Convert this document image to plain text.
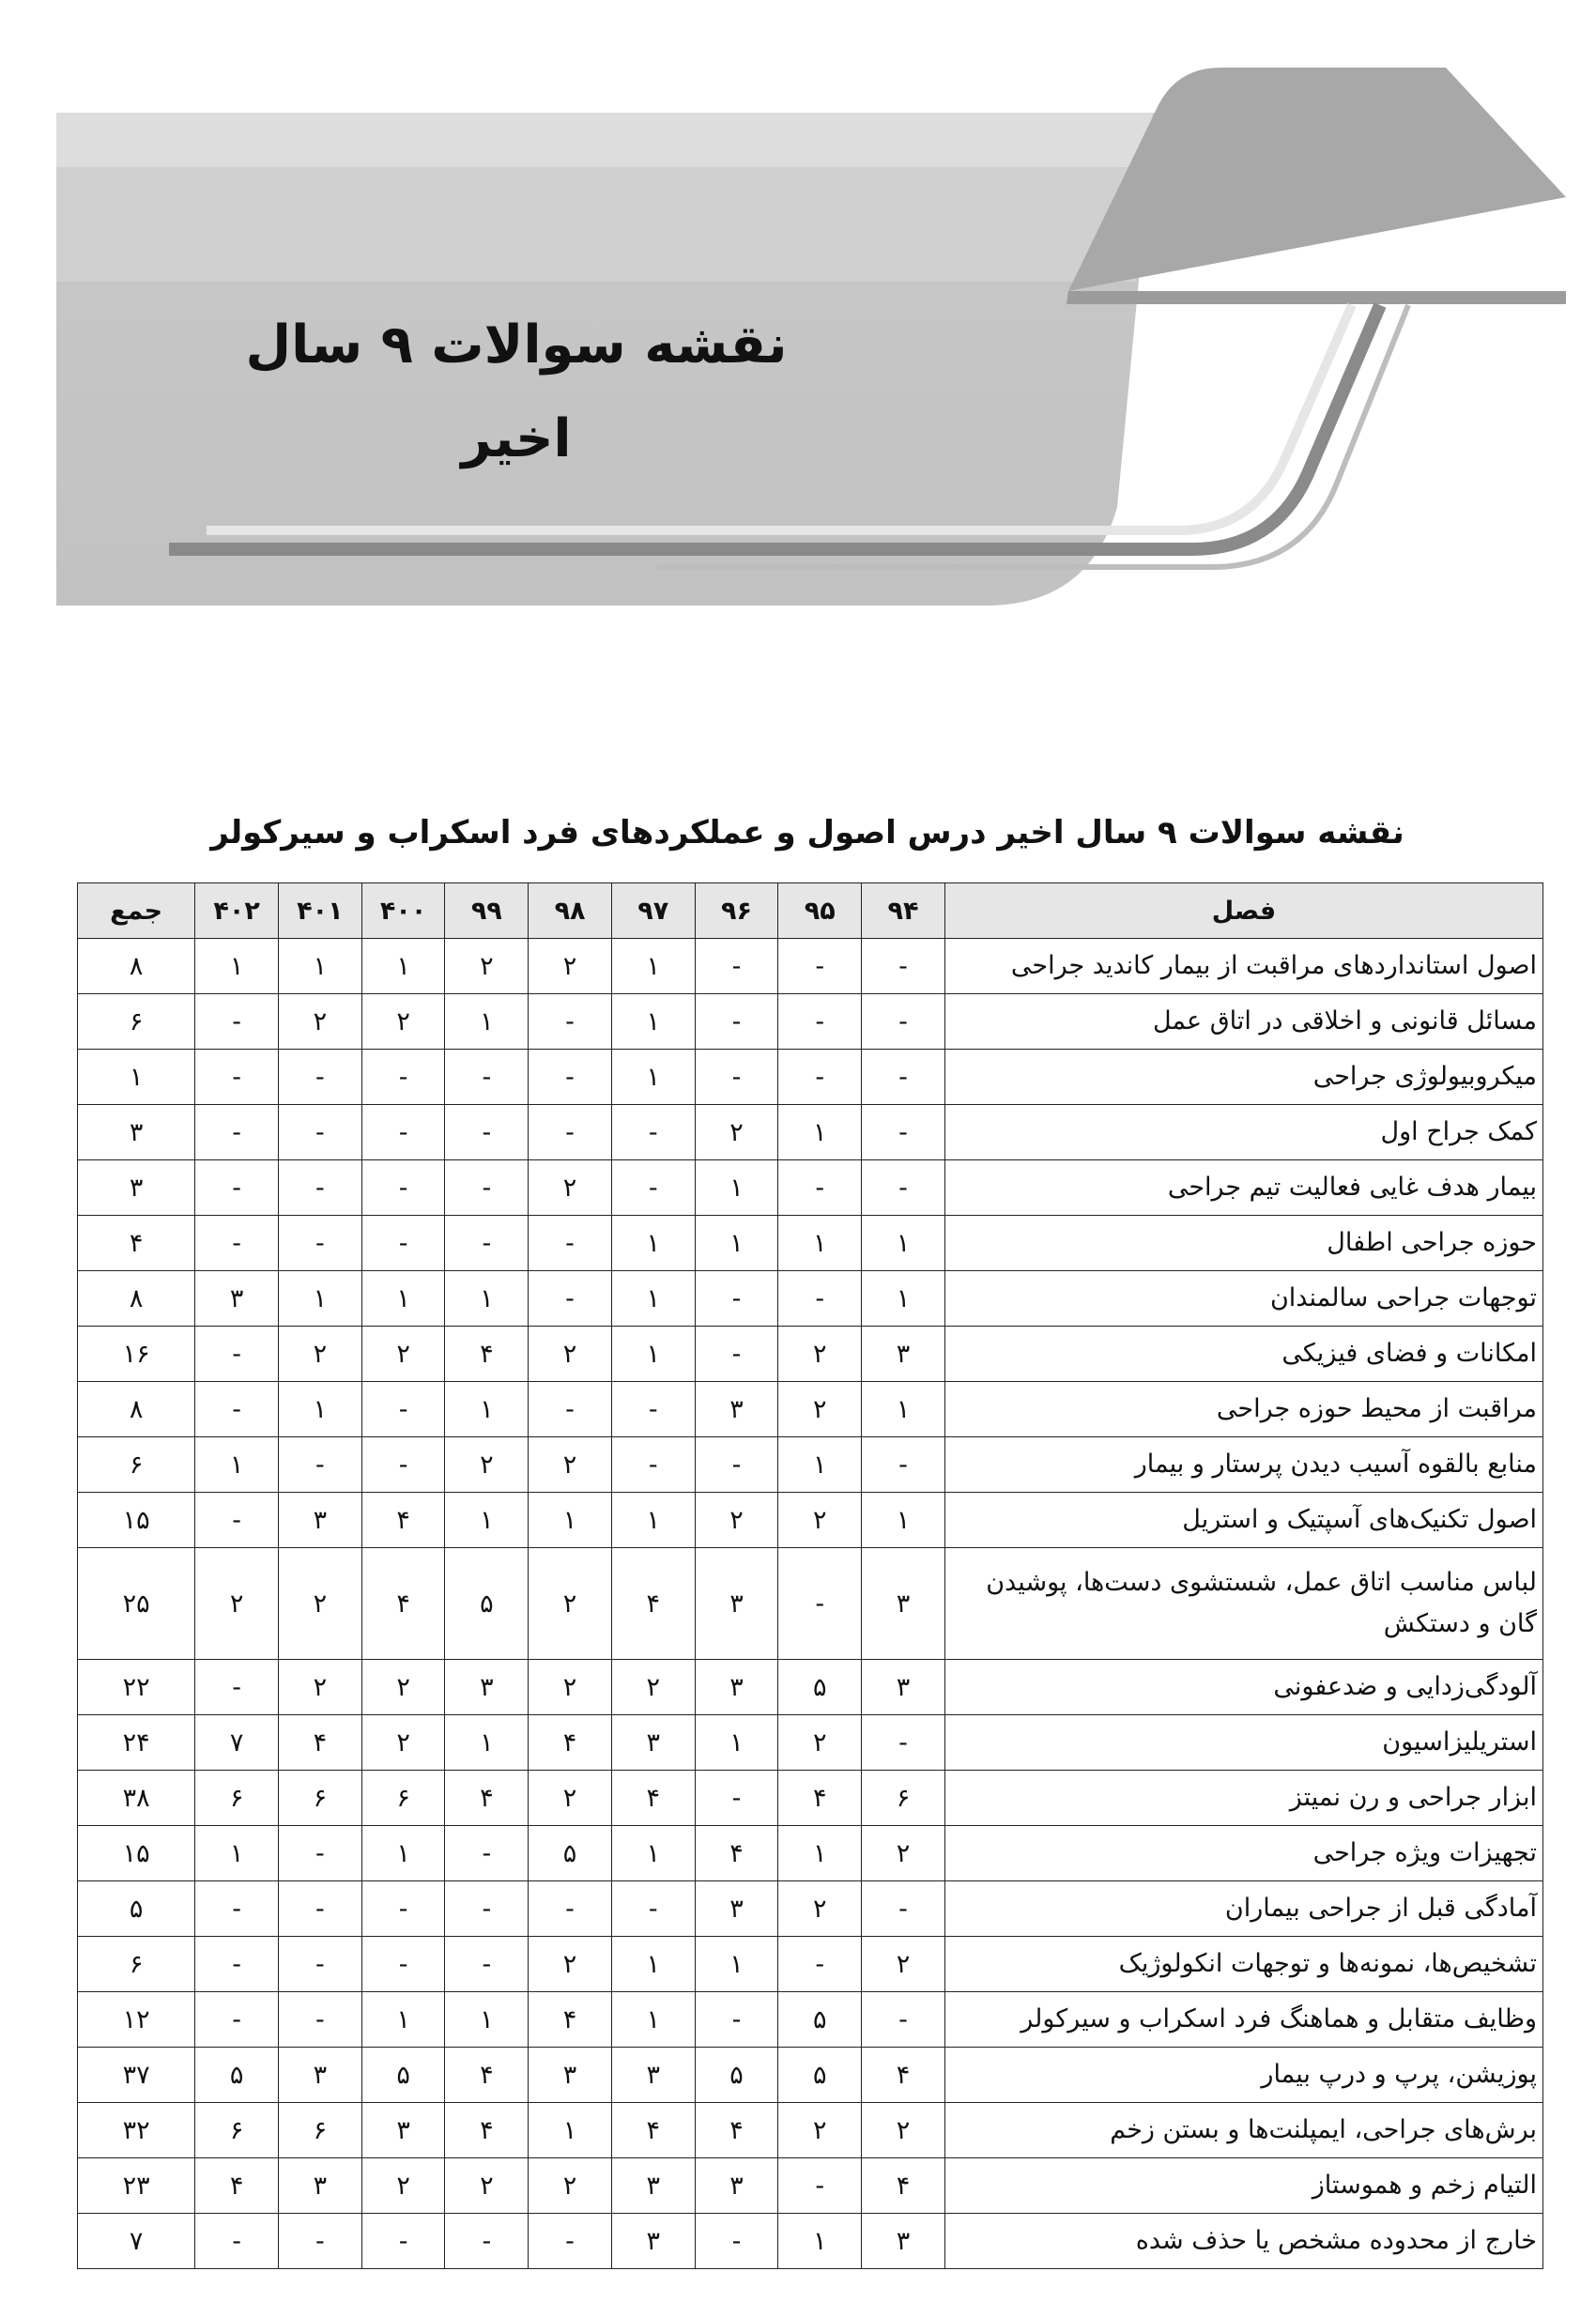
نقشه سوالات ۹ سال اخیر
نقشه سوالات ۹ سال اخیر درس اصول و عملکردهای فرد اسکراب و سیرکولر
فصل	۹۴	۹۵	۹۶	۹۷	۹۸	۹۹	۴۰۰	۴۰۱	۴۰۲	جمع
اصول استانداردهای مراقبت از بیمار کاندید جراحی	-	-	-	۱	۲	۲	۱	۱	۱	۸
مسائل قانونی و اخلاقی در اتاق عمل	-	-	-	۱	-	۱	۲	۲	-	۶
میکروبیولوژی جراحی	-	-	-	۱	-	-	-	-	-	۱
کمک جراح اول	-	۱	۲	-	-	-	-	-	-	۳
بیمار هدف غایی فعالیت تیم جراحی	-	-	۱	-	۲	-	-	-	-	۳
حوزه جراحی اطفال	۱	۱	۱	۱	-	-	-	-	-	۴
توجهات جراحی سالمندان	۱	-	-	۱	-	۱	۱	۱	۳	۸
امکانات و فضای فیزیکی	۳	۲	-	۱	۲	۴	۲	۲	-	۱۶
مراقبت از محیط حوزه جراحی	۱	۲	۳	-	-	۱	-	۱	-	۸
منابع بالقوه آسیب دیدن پرستار و بیمار	-	۱	-	-	۲	۲	-	-	۱	۶
اصول تکنیک‌های آسپتیک و استریل	۱	۲	۲	۱	۱	۱	۴	۳	-	۱۵
لباس مناسب اتاق عمل، شستشوی دست‌ها، پوشیدن گان و دستکش	۳	-	۳	۴	۲	۵	۴	۲	۲	۲۵
آلودگی‌زدایی و ضدعفونی	۳	۵	۳	۲	۲	۳	۲	۲	-	۲۲
استریلیزاسیون	-	۲	۱	۳	۴	۱	۲	۴	۷	۲۴
ابزار جراحی و رن نمیتز	۶	۴	-	۴	۲	۴	۶	۶	۶	۳۸
تجهیزات ویژه جراحی	۲	۱	۴	۱	۵	-	۱	-	۱	۱۵
آمادگی قبل از جراحی بیماران	-	۲	۳	-	-	-	-	-	-	۵
تشخیص‌ها، نمونه‌ها و توجهات انکولوژیک	۲	-	۱	۱	۲	-	-	-	-	۶
وظایف متقابل و هماهنگ فرد اسکراب و سیرکولر	-	۵	-	۱	۴	۱	۱	-	-	۱۲
پوزیشن، پرپ و درپ بیمار	۴	۵	۵	۳	۳	۴	۵	۳	۵	۳۷
برش‌های جراحی، ایمپلنت‌ها و بستن زخم	۲	۲	۴	۴	۱	۴	۳	۶	۶	۳۲
التیام زخم و هموستاز	۴	-	۳	۳	۲	۲	۲	۳	۴	۲۳
خارج از محدوده مشخص یا حذف شده	۳	۱	-	۳	-	-	-	-	-	۷
